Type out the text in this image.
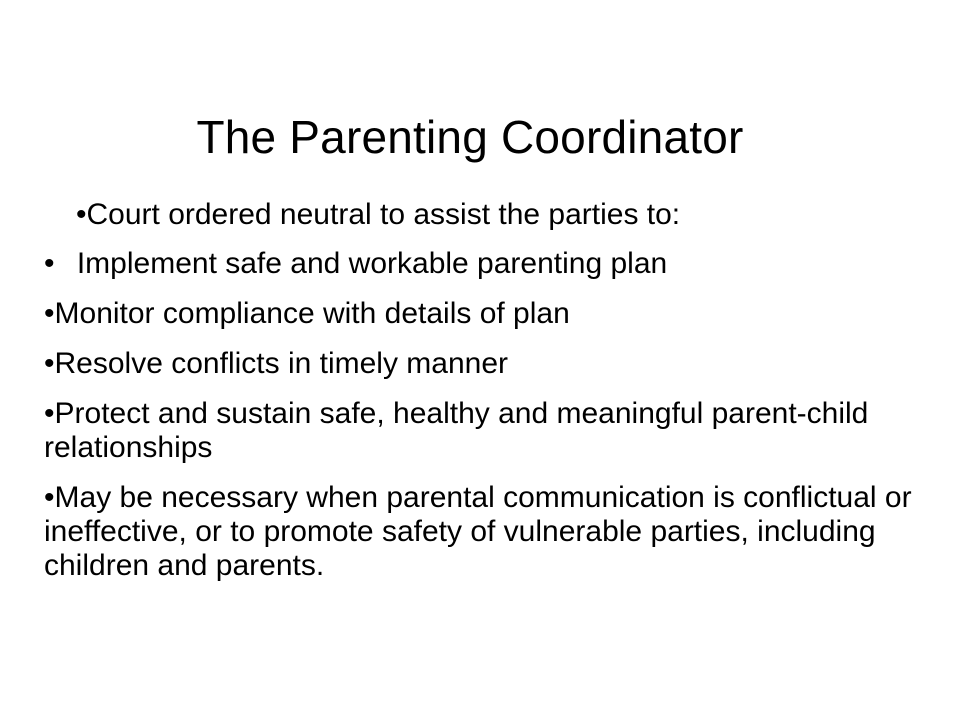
The Parenting Coordinator

•Court ordered neutral to assist the parties to:

• Implement safe and workable parenting plan
•Monitor compliance with details of plan
•Resolve conflicts in timely manner
•Protect and sustain safe, healthy and meaningful parent-child relationships
•May be necessary when parental communication is conflictual or ineffective, or to promote safety of vulnerable parties, including children and parents.
